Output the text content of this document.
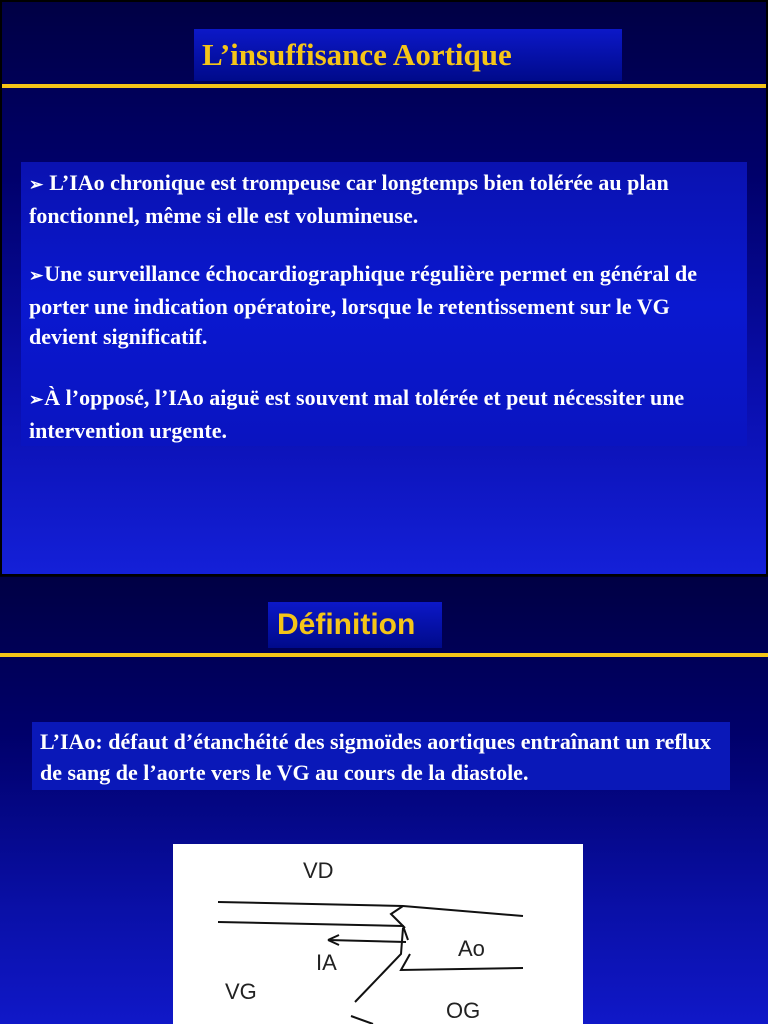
L’insuffisance Aortique
➢ L’IAo chronique est trompeuse car longtemps bien tolérée au plan fonctionnel, même si elle est volumineuse.
➢Une surveillance échocardiographique régulière permet en général de porter une indication opératoire, lorsque le retentissement sur le VG devient significatif.
➢À l’opposé, l’IAo aiguë est souvent mal tolérée et peut nécessiter une intervention urgente.
Définition

L’IAo: défaut d’étanchéité des sigmoïdes aortiques entraînant un reflux de sang de l’aorte vers le VG au cours de la diastole.

VD
Ao
IA
VG
OG
